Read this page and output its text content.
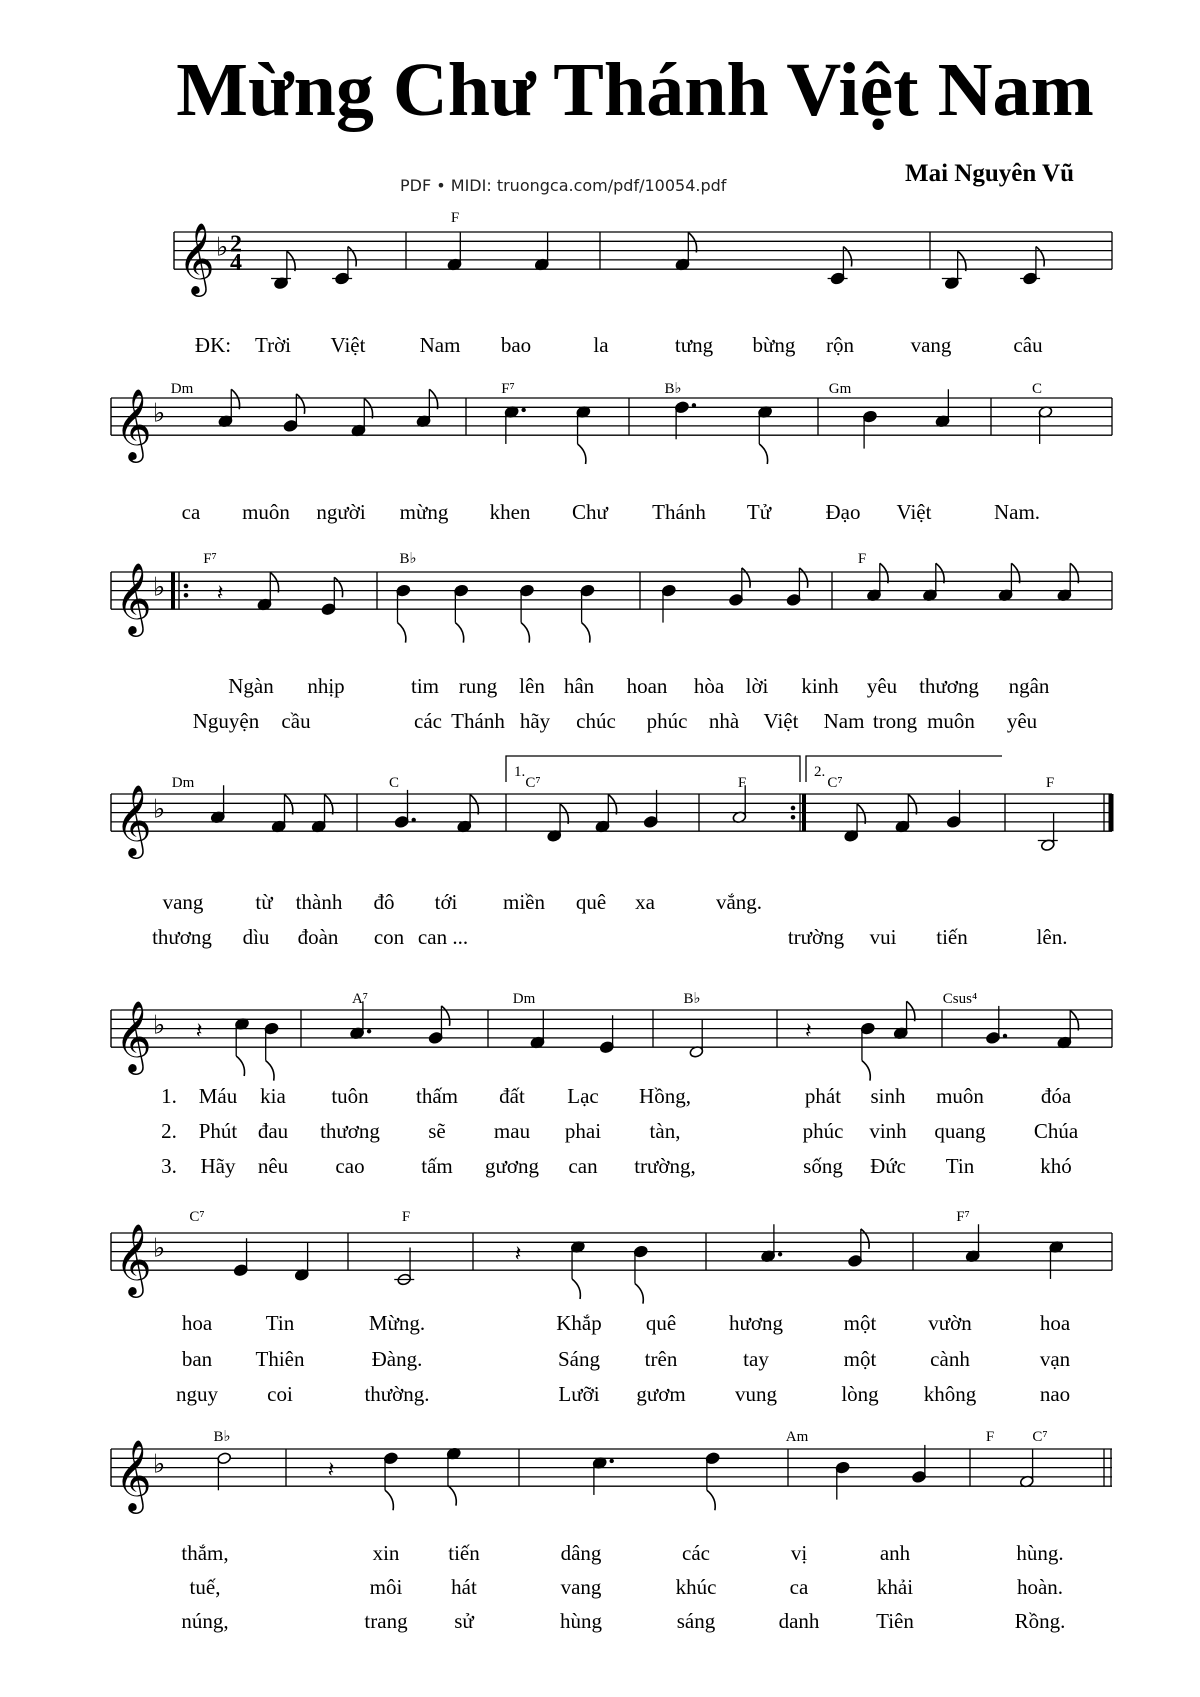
Mừng Chư Thánh Việt Nam
Mai Nguyên Vũ
PDF • MIDI: truongca.com/pdf/10054.pdf
𝄞 ♭ 2
4
F
ĐK: Trời Việt	Nam bao	la	tưng bừng rộn	vang	câu
𝄞 ♭
Dm	F⁷	B♭	Gm	C
ca muôn người mừng khen Chư Thánh Tử	Đạo Việt	Nam.
𝄞 ♭ 𝄽
F⁷	B♭	F
Ngàn nhịp	tim rung lên hân hoan hòa lời kinh yêu thương ngân
Nguyện cầu	các Thánh hãy chúc phúc nhà Việt Nam trong muôn yêu
𝄞 ♭
1.	2.
Dm	C	C⁷	F	C⁷	F
vang từ thành đô tới miền quê xa	vắng.
thương dìu đoàn con can ...	trường vui tiến	lên.
𝄞 ♭ 𝄽	𝄽
A⁷	Dm	B♭	Csus⁴
1. Máu kia tuôn thấm đất Lạc Hồng,	phát sinh muôn	đóa
2. Phút đau thương sẽ mau phai tàn,	phúc vinh quang Chúa
3. Hãy nêu cao	tấm gương can trường,	sống Đức Tin	khó
𝄞 ♭	𝄽
C⁷	F	F⁷
hoa	Tin	Mừng.	Khắp quê	hương	một vườn	hoa
ban Thiên	Đàng.	Sáng trên	tay	một	cành	vạn
nguy coi	thường.	Lưỡi gươm vung	lòng không	nao
𝄞 ♭	𝄽
B♭	Am	C⁷
F
thắm,	xin tiến	dâng	các	vị	anh	hùng.
tuế,	môi hát	vang	khúc	ca	khải	hoàn.
núng,	trang sử	hùng	sáng	danh	Tiên	Rồng.
